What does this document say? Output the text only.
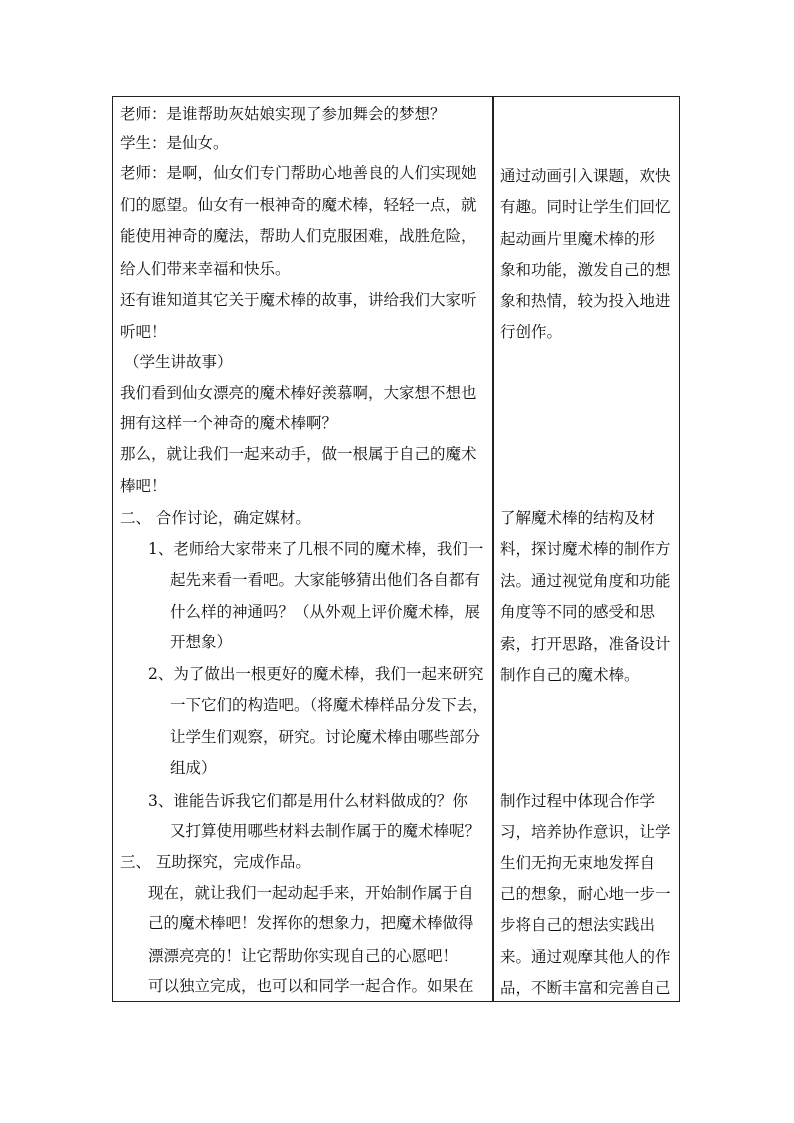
老师：是谁帮助灰姑娘实现了参加舞会的梦想？
学生：是仙女。
老师：是啊，仙女们专门帮助心地善良的人们实现她
们的愿望。仙女有一根神奇的魔术棒，轻轻一点，就
能使用神奇的魔法，帮助人们克服困难，战胜危险，
给人们带来幸福和快乐。
还有谁知道其它关于魔术棒的故事，讲给我们大家听
听吧！
（学生讲故事）
我们看到仙女漂亮的魔术棒好羡慕啊，大家想不想也
拥有这样一个神奇的魔术棒啊？
那么，就让我们一起来动手，做一根属于自己的魔术
棒吧！
二、 合作讨论，确定媒材。
1、老师给大家带来了几根不同的魔术棒，我们一
起先来看一看吧。大家能够猜出他们各自都有
什么样的神通吗？（从外观上评价魔术棒，展
开想象）
2、为了做出一根更好的魔术棒，我们一起来研究
一下它们的构造吧。（将魔术棒样品分发下去，
让学生们观察，研究。讨论魔术棒由哪些部分
组成）
3、谁能告诉我它们都是用什么材料做成的？你
又打算使用哪些材料去制作属于的魔术棒呢？
三、 互助探究，完成作品。
现在，就让我们一起动起手来，开始制作属于自
己的魔术棒吧！发挥你的想象力，把魔术棒做得
漂漂亮亮的！让它帮助你实现自己的心愿吧！
可以独立完成，也可以和同学一起合作。如果在
通过动画引入课题，欢快
有趣。同时让学生们回忆
起动画片里魔术棒的形
象和功能，激发自己的想
象和热情，较为投入地进
行创作。
了解魔术棒的结构及材
料，探讨魔术棒的制作方
法。通过视觉角度和功能
角度等不同的感受和思
索，打开思路，准备设计
制作自己的魔术棒。
制作过程中体现合作学
习，培养协作意识，让学
生们无拘无束地发挥自
己的想象，耐心地一步一
步将自己的想法实践出
来。通过观摩其他人的作
品，不断丰富和完善自己
